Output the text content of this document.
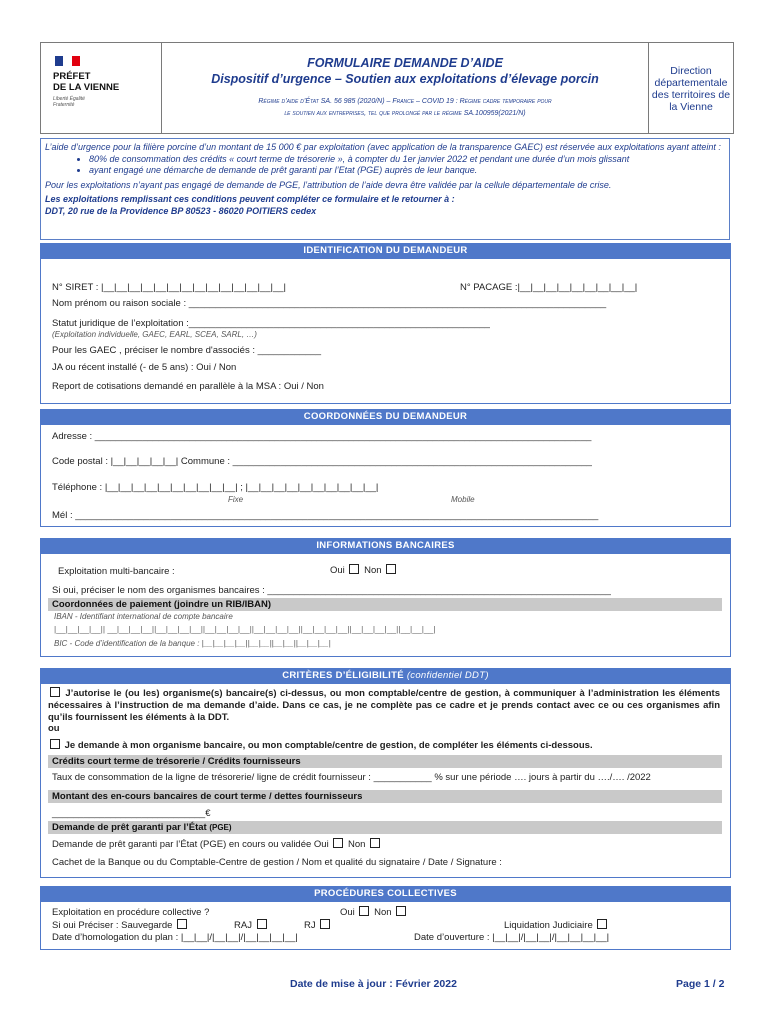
PRÉFET
DE LA VIENNE
Liberté Égalité Fraternité
FORMULAIRE DEMANDE D’AIDE
Dispositif d’urgence – Soutien aux exploitations d’élevage porcin
Régime d’aide d’État SA. 56 985 (2020/N) – France – COVID 19 : Régime cadre temporaire pour
le soutien aux entreprises, tel que prolongé par le régime SA.100959(2021/N)
Direction départementale des territoires de la Vienne
L’aide d’urgence pour la filière porcine d’un montant de 15 000 € par exploitation (avec application de la transparence GAEC) est réservée aux exploitations ayant atteint :
• 80% de consommation des crédits « court terme de trésorerie », à compter du 1er janvier 2022 et pendant une durée d’un mois glissant
• ayant engagé une démarche de demande de prêt garanti par l’Etat (PGE) auprès de leur banque.
Pour les exploitations n’ayant pas engagé de demande de PGE, l’attribution de l’aide devra être validée par la cellule départementale de crise.
Les exploitations remplissant ces conditions peuvent compléter ce formulaire et le retourner à :
DDT, 20 rue de la Providence BP 80523 - 86020 POITIERS cedex
IDENTIFICATION DU DEMANDEUR
N° SIRET : |__|__|__|__|__|__|__|__|__|__|__|__|__|__|	N° PACAGE :|__|__|__|__|__|__|__|__|__|
Nom prénom ou raison sociale : _______________________________________________________________________________
Statut juridique de l’exploitation :_________________________________________________________
(Exploitation individuelle, GAEC, EARL, SCEA, SARL, …)
Pour les GAEC , préciser le nombre d'associés : ____________
JA ou récent installé (- de 5 ans) : Oui / Non
Report de cotisations demandé en parallèle à la MSA : Oui / Non
COORDONNÉES DU DEMANDEUR
Adresse : ______________________________________________________________________________________________
Code postal : |__|__|__|__|__| Commune : ____________________________________________________________________
Téléphone : |__|__|__|__|__|__|__|__|__|__| ; |__|__|__|__|__|__|__|__|__|__|
Fixe	Mobile
Mél : ___________________________________________________________________________________________________
INFORMATIONS BANCAIRES
Exploitation multi-bancaire :	Oui Non
Si oui, préciser le nom des organismes bancaires : _________________________________________________________________
Coordonnées de paiement (joindre un RIB/IBAN)
IBAN - Identifiant international de compte bancaire
|__|__|__|__|| __|__|__|__||__|__|__|__||__|__|__|__||__|__|__|__||__|__|__|__||__|__|__|__||__|__|__|
BIC - Code d’identification de la banque : |__|__|__|__||__|__||__|__||__|__|__|
CRITÈRES D’ÉLIGIBILITÉ (confidentiel DDT)
J’autorise le (ou les) organisme(s) bancaire(s) ci-dessus, ou mon comptable/centre de gestion, à communiquer à l’administration les éléments nécessaires à l’instruction de ma demande d’aide. Dans ce cas, je ne complète pas ce cadre et je prends contact avec ce ou ces organismes afin qu’ils fournissent les éléments à la DDT.
ou
Je demande à mon organisme bancaire, ou mon comptable/centre de gestion, de compléter les éléments ci-dessous.
Crédits court terme de trésorerie / Crédits fournisseurs
Taux de consommation de la ligne de trésorerie/ ligne de crédit fournisseur : ___________ % sur une période …. jours à partir du …./…. /2022
Montant des en-cours bancaires de court terme / dettes fournisseurs
_____________________________€
Demande de prêt garanti par l’État (PGE)
Demande de prêt garanti par l’État (PGE) en cours ou validée Oui Non
Cachet de la Banque ou du Comptable-Centre de gestion / Nom et qualité du signataire / Date / Signature :
PROCÉDURES COLLECTIVES
Exploitation en procédure collective ?	Oui Non
Si oui Préciser : Sauvegarde	RAJ	RJ	Liquidation Judiciaire
Date d’homologation du plan : |__|__|/|__|__|/|__|__|__|__|	Date d’ouverture : |__|__|/|__|__|/|__|__|__|__|
Date de mise à jour : Février 2022	Page 1 / 2
